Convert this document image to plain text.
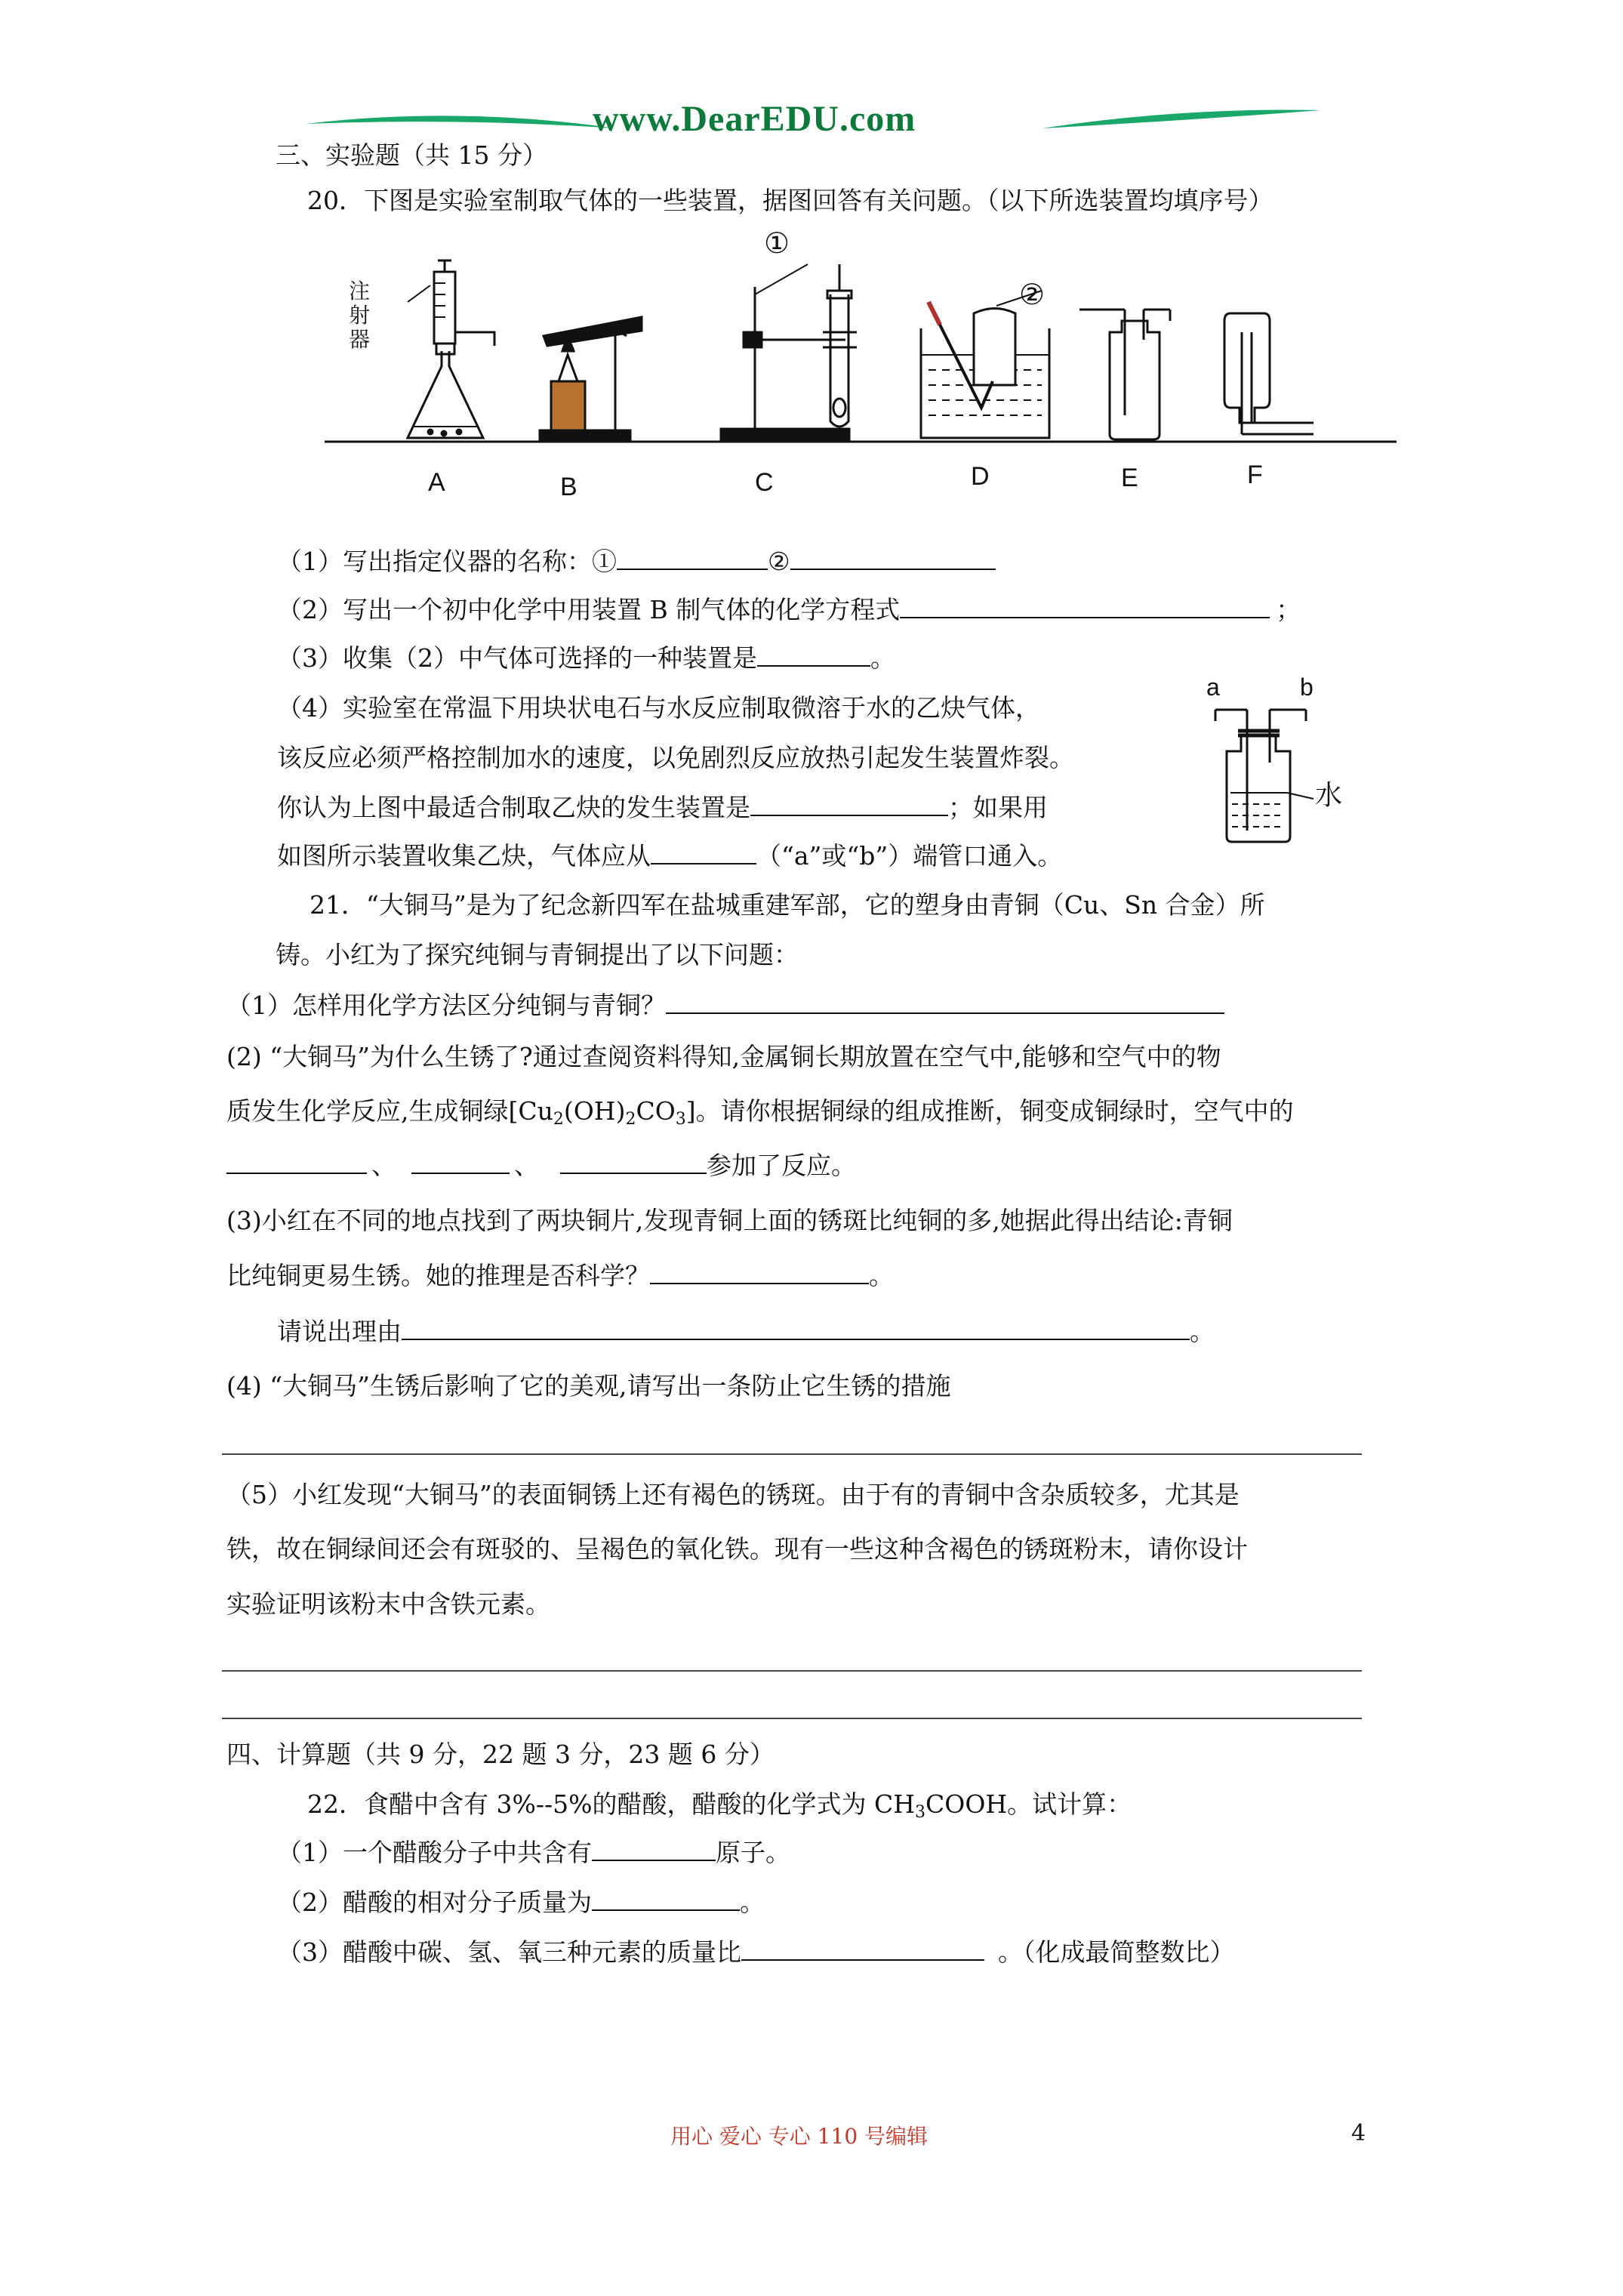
www.DearEDU.com
三、实验题（共 15 分）
20．下图是实验室制取气体的一些装置，据图回答有关问题。（以下所选装置均填序号）
注
射
器
①
②
A	B	C	D	E	F
（1）写出指定仪器的名称：①	②
（2）写出一个初中化学中用装置 B 制气体的化学方程式	；
（3）收集（2）中气体可选择的一种装置是	。
（4）实验室在常温下用块状电石与水反应制取微溶于水的乙炔气体，
该反应必须严格控制加水的速度，以免剧烈反应放热引起发生装置炸裂。
你认为上图中最适合制取乙炔的发生装置是	；如果用
如图所示装置收集乙炔，气体应从	（“a”或“b”）端管口通入。
a	b
水
21．“大铜马”是为了纪念新四军在盐城重建军部，它的塑身由青铜（Cu、Sn 合金）所
铸。小红为了探究纯铜与青铜提出了以下问题：
（1）怎样用化学方法区分纯铜与青铜？
(2) “大铜马”为什么生锈了?通过查阅资料得知,金属铜长期放置在空气中,能够和空气中的物
质发生化学反应,生成铜绿$[Cu_2(OH)_2CO_3]$。请你根据铜绿的组成推断，铜变成铜绿时，空气中的
、	、	参加了反应。
(3)小红在不同的地点找到了两块铜片,发现青铜上面的锈斑比纯铜的多,她据此得出结论:青铜
比纯铜更易生锈。她的推理是否科学？	。
请说出理由	。
(4) “大铜马”生锈后影响了它的美观,请写出一条防止它生锈的措施
（5）小红发现“大铜马”的表面铜锈上还有褐色的锈斑。由于有的青铜中含杂质较多，尤其是
铁，故在铜绿间还会有斑驳的、呈褐色的氧化铁。现有一些这种含褐色的锈斑粉末，请你设计
实验证明该粉末中含铁元素。
四、计算题（共 9 分，22 题 3 分，23 题 6 分）
22．食醋中含有 3%--5%的醋酸，醋酸的化学式为 $CH_3COOH$。试计算：
（1）一个醋酸分子中共含有	原子。
（2）醋酸的相对分子质量为	。
（3）醋酸中碳、氢、氧三种元素的质量比	。（化成最简整数比）
用心 爱心 专心 110 号编辑	4
